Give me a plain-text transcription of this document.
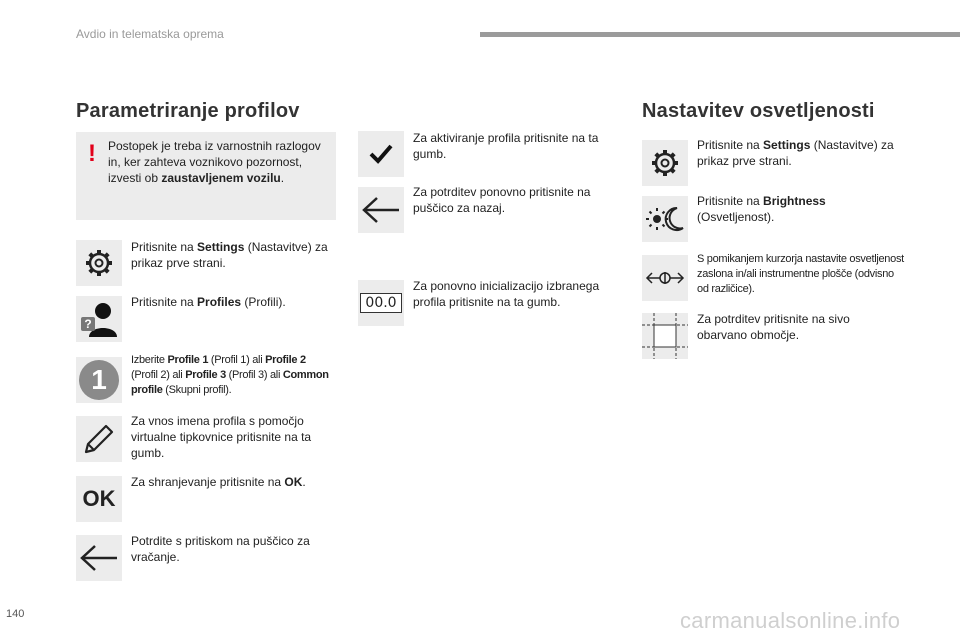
Avdio in telematska oprema
Parametriranje profilov
! Postopek je treba iz varnostnih razlogov in, ker zahteva voznikovo pozornost, izvesti ob zaustavljenem vozilu.
Pritisnite na Settings (Nastavitve) za prikaz prve strani.
?
Pritisnite na Profiles (Profili).
1
Izberite Profile 1 (Profil 1) ali Profile 2 (Profil 2) ali Profile 3 (Profil 3) ali Common profile (Skupni profil).
Za vnos imena profila s pomočjo virtualne tipkovnice pritisnite na ta gumb.
OK
Za shranjevanje pritisnite na OK.
Potrdite s pritiskom na puščico za vračanje.
Za aktiviranje profila pritisnite na ta gumb.
Za potrditev ponovno pritisnite na puščico za nazaj.
00.0
Za ponovno inicializacijo izbranega profila pritisnite na ta gumb.
Nastavitev osvetljenosti
Pritisnite na Settings (Nastavitve) za prikaz prve strani.
Pritisnite na Brightness (Osvetljenost).
S pomikanjem kurzorja nastavite osvetljenost zaslona in/ali instrumentne plošče (odvisno od različice).
Za potrditev pritisnite na sivo obarvano območje.
140	carmanualsonline.info
